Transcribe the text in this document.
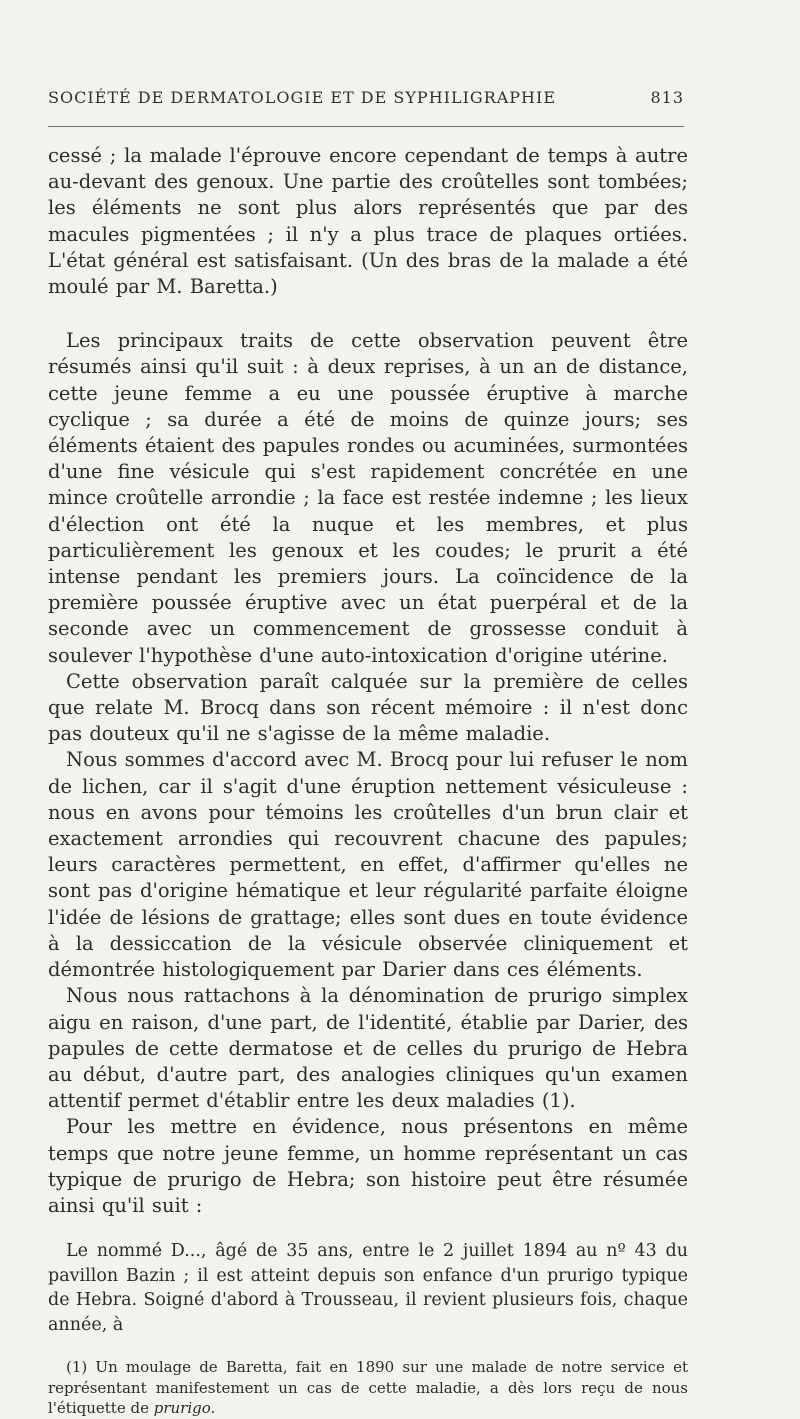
SOCIÉTÉ DE DERMATOLOGIE ET DE SYPHILIGRAPHIE	813

cessé ; la malade l'éprouve encore cependant de temps à autre au-devant des genoux. Une partie des croûtelles sont tombées; les éléments ne sont plus alors représentés que par des macules pigmentées ; il n'y a plus trace de plaques ortiées. L'état général est satisfaisant. (Un des bras de la malade a été moulé par M. Baretta.)

Les principaux traits de cette observation peuvent être résumés ainsi qu'il suit : à deux reprises, à un an de distance, cette jeune femme a eu une poussée éruptive à marche cyclique ; sa durée a été de moins de quinze jours; ses éléments étaient des papules rondes ou acuminées, surmontées d'une fine vésicule qui s'est rapidement concrétée en une mince croûtelle arrondie ; la face est restée indemne ; les lieux d'élection ont été la nuque et les membres, et plus particulièrement les genoux et les coudes; le prurit a été intense pendant les premiers jours. La coïncidence de la première poussée éruptive avec un état puerpéral et de la seconde avec un commencement de grossesse conduit à soulever l'hypothèse d'une auto-intoxication d'origine utérine.

Cette observation paraît calquée sur la première de celles que relate M. Brocq dans son récent mémoire : il n'est donc pas douteux qu'il ne s'agisse de la même maladie.

Nous sommes d'accord avec M. Brocq pour lui refuser le nom de lichen, car il s'agit d'une éruption nettement vésiculeuse : nous en avons pour témoins les croûtelles d'un brun clair et exactement arrondies qui recouvrent chacune des papules; leurs caractères permettent, en effet, d'affirmer qu'elles ne sont pas d'origine hématique et leur régularité parfaite éloigne l'idée de lésions de grattage; elles sont dues en toute évidence à la dessiccation de la vésicule observée cliniquement et démontrée histologiquement par Darier dans ces éléments.

Nous nous rattachons à la dénomination de prurigo simplex aigu en raison, d'une part, de l'identité, établie par Darier, des papules de cette dermatose et de celles du prurigo de Hebra au début, d'autre part, des analogies cliniques qu'un examen attentif permet d'établir entre les deux maladies (1).

Pour les mettre en évidence, nous présentons en même temps que notre jeune femme, un homme représentant un cas typique de prurigo de Hebra; son histoire peut être résumée ainsi qu'il suit :

Le nommé D..., âgé de 35 ans, entre le 2 juillet 1894 au nº 43 du pavillon Bazin ; il est atteint depuis son enfance d'un prurigo typique de Hebra. Soigné d'abord à Trousseau, il revient plusieurs fois, chaque année, à

(1) Un moulage de Baretta, fait en 1890 sur une malade de notre service et représentant manifestement un cas de cette maladie, a dès lors reçu de nous l'étiquette de prurigo.
